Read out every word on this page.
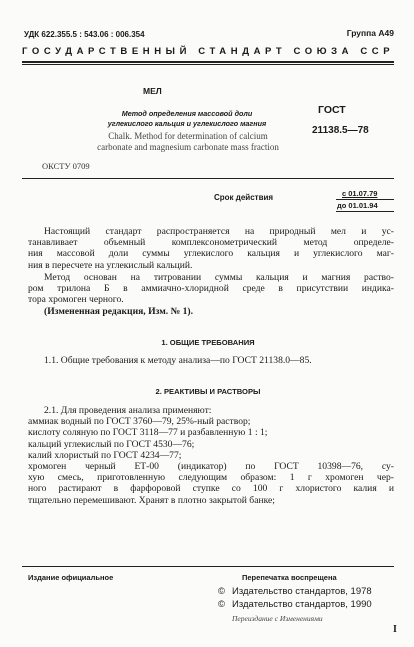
УДК 622.355.5 : 543.06 : 006.354	Группа А49
ГОСУДАРСТВЕННЫЙ СТАНДАРТ СОЮЗА ССР
МЕЛ
Метод определения массовой доли
углекислого кальция и углекислого магния
ГОСТ
21138.5—78
Chalk. Method for determination of calcium
carbonate and magnesium carbonate mass fraction
ОКСТУ 0709
Срок действия	с 01.07.79
до 01.01.94
Настоящий стандарт распространяется на природный мел и ус-
танавливает объемный комплексонометрический метод определе-
ния массовой доли суммы углекислого кальция и углекислого маг-
ния в пересчете на углекислый кальций.
Метод основан на титровании суммы кальция и магния раство-
ром трилона Б в аммиачно-хлоридной среде в присутствии индика-
тора хромоген черного.
(Измененная редакция, Изм. № 1).
1. ОБЩИЕ ТРЕБОВАНИЯ
1.1. Общие требования к методу анализа—по ГОСТ 21138.0—85.
2. РЕАКТИВЫ И РАСТВОРЫ
2.1. Для проведения анализа применяют:
аммиак водный по ГОСТ 3760—79, 25%-ный раствор;
кислоту соляную по ГОСТ 3118—77 и разбавленную 1 : 1;
кальций углекислый по ГОСТ 4530—76;
калий хлористый по ГОСТ 4234—77;
хромоген черный ЕТ-00 (индикатор) по ГОСТ 10398—76, су-
хую смесь, приготовленную следующим образом: 1 г хромоген чер-
ного растирают в фарфоровой ступке со 100 г хлористого калия и
тщательно перемешивают. Хранят в плотно закрытой банке;
Издание официальное	Перепечатка воспрещена
© Издательство стандартов, 1978
© Издательство стандартов, 1990
Переиздание с Изменениями
I
